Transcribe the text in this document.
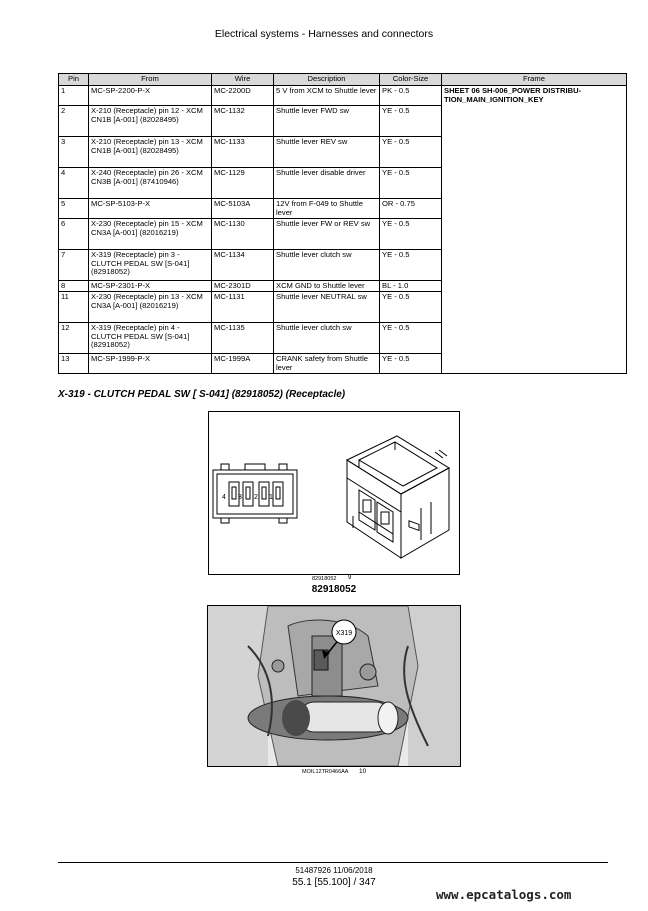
Electrical systems - Harnesses and connectors
Pin	From	Wire	Description	Color-Size	Frame
1	MC-SP-2200-P-X	MC-2200D	5 V from XCM to Shuttle lever	PK - 0.5	SHEET 06 SH-006_POWER DISTRIBU-TION_MAIN_IGNITION_KEY
2	X-210 (Receptacle) pin 12 - XCM CN1B [A-001] (82028495)	MC-1132	Shuttle lever FWD sw	YE - 0.5	
3	X-210 (Receptacle) pin 13 - XCM CN1B [A-001] (82028495)	MC-1133	Shuttle lever REV sw	YE - 0.5	
4	X-240 (Receptacle) pin 26 - XCM CN3B [A-001] (87410946)	MC-1129	Shuttle lever disable driver	YE - 0.5	
5	MC-SP-5103-P-X	MC-5103A	12V from F-049 to Shuttle lever	OR - 0.75	
6	X-230 (Receptacle) pin 15 - XCM CN3A [A-001] (82016219)	MC-1130	Shuttle lever FW or REV sw	YE - 0.5	
7	X-319 (Receptacle) pin 3 - CLUTCH PEDAL SW [S-041] (82918052)	MC-1134	Shuttle lever clutch sw	YE - 0.5	
8	MC-SP-2301-P-X	MC-2301D	XCM GND to Shuttle lever	BL - 1.0	
11	X-230 (Receptacle) pin 13 - XCM CN3A [A-001] (82016219)	MC-1131	Shuttle lever NEUTRAL sw	YE - 0.5	
12	X-319 (Receptacle) pin 4 - CLUTCH PEDAL SW [S-041] (82918052)	MC-1135	Shuttle lever clutch sw	YE - 0.5	
13	MC-SP-1999-P-X	MC-1999A	CRANK safety from Shuttle lever	YE - 0.5	
X-319 - CLUTCH PEDAL SW [ S-041] (82918052) (Receptacle)
4 3 2 1
82918052 9
82918052
X319
MOIL12TR0466AA 10
51487926 11/06/2018
55.1 [55.100] / 347
www.epcatalogs.com
